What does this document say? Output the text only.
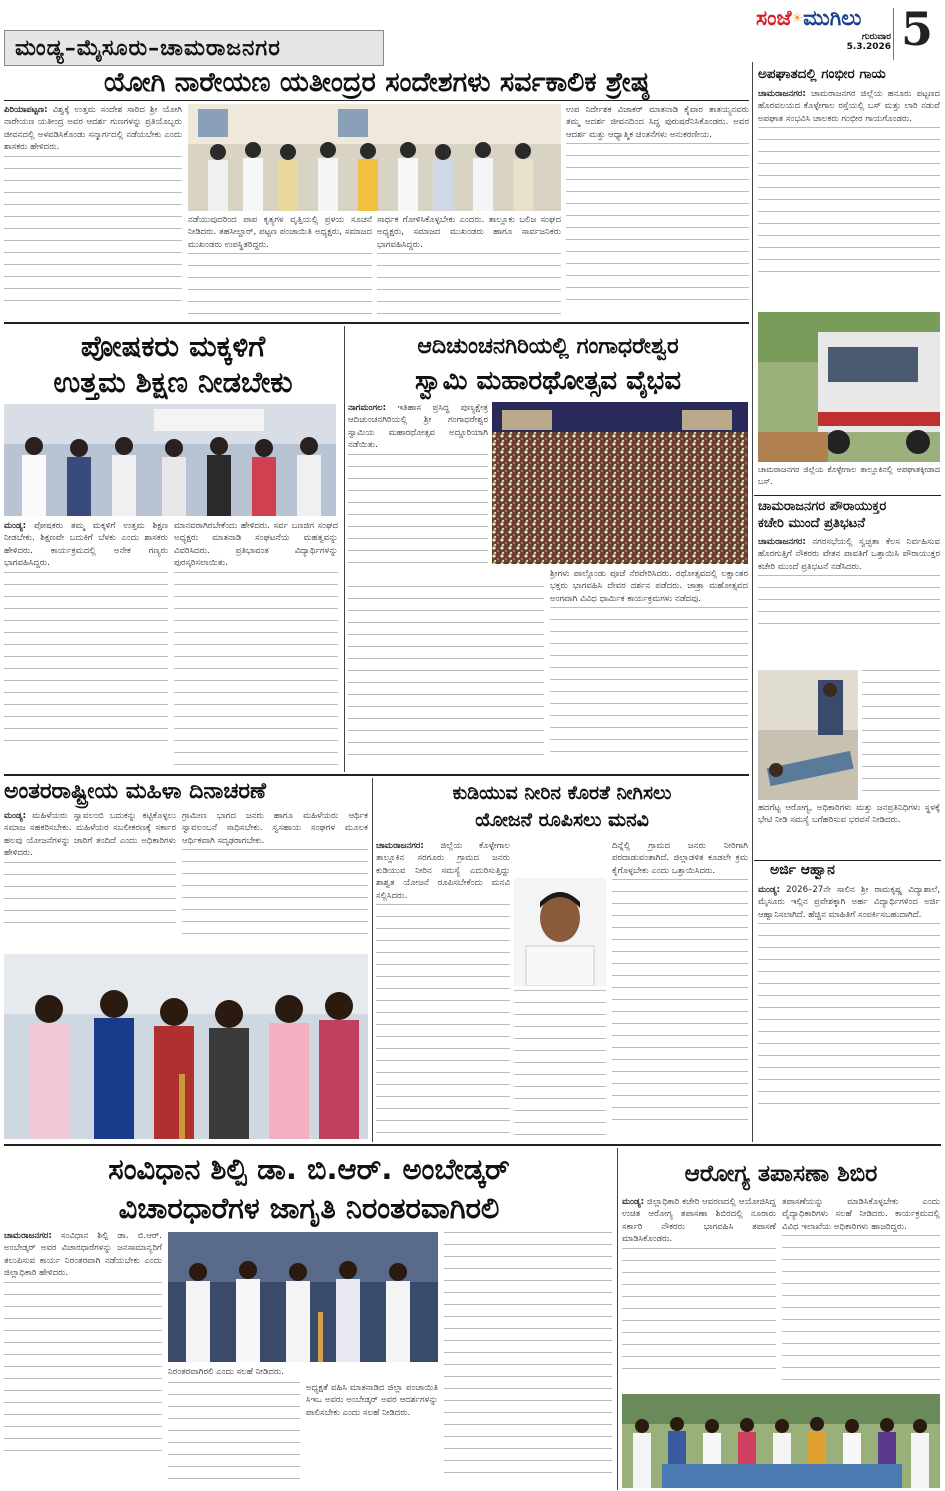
ಮಂಡ್ಯ–ಮೈಸೂರು–ಚಾಮರಾಜನಗರ
ಸಂಜೆ☀ಮುಗಿಲು
ಗುರುವಾರ
5.3.2026 5
ಯೋಗಿ ನಾರೇಯಣ ಯತೀಂದ್ರರ ಸಂದೇಶಗಳು ಸರ್ವಕಾಲಿಕ ಶ್ರೇಷ್ಠ
ಪಿರಿಯಾಪಟ್ಟಣ: ವಿಶ್ವಕ್ಕೆ ಉತ್ತಮ ಸಂದೇಶ ಸಾರಿದ ಶ್ರೀ ಯೋಗಿ ನಾರೇಯಣ ಯತೀಂದ್ರ ಅವರ ಆದರ್ಶ ಗುಣಗಳನ್ನು ಪ್ರತಿಯೊಬ್ಬರು ಜೀವನದಲ್ಲಿ ಅಳವಡಿಸಿಕೊಂಡು ಸನ್ಮಾರ್ಗದಲ್ಲಿ ನಡೆಯಬೇಕು ಎಂದು ಶಾಸಕರು ಹೇಳಿದರು.
ನಡೆಯುವುದರಿಂದ ಪಾಪ ಕೃತ್ಯಗಳ ವೃತ್ತಿಯಲ್ಲಿ ಪ್ರಳಯ ಸೂಚನೆ ನೀಡಿದರು. ತಹಸೀಲ್ದಾರ್, ಪಟ್ಟಣ ಪಂಚಾಯಿತಿ ಅಧ್ಯಕ್ಷರು, ಸಮಾಜದ ಮುಖಂಡರು ಉಪಸ್ಥಿತರಿದ್ದರು.
ಸಾರ್ಥಕ ಗೋಳಿಸಿಕೊಳ್ಳಬೇಕು ಎಂದರು. ತಾಲ್ಲೂಕು ಬಲಿಜ ಸಂಘದ ಅಧ್ಯಕ್ಷರು, ಸಮಾಜದ ಮುಖಂಡರು ಹಾಗೂ ಸಾರ್ವಜನಿಕರು ಭಾಗವಹಿಸಿದ್ದರು.
ಉಪ ನಿರ್ದೇಶಕ ವಿಜಾಕರ್ ಮಾತನಾಡಿ ಕೈವಾರ ತಾತಯ್ಯನವರು ತಮ್ಮ ಆದರ್ಶ ಜೀವನದಿಂದ ಸಿದ್ಧ ಪುರುಷರೆನಿಸಿಕೊಂಡರು. ಅವರ ಆದರ್ಶ ಮತ್ತು ಆಧ್ಯಾತ್ಮಿಕ ಚಿಂತನೆಗಳು ಅನುಕರಣೀಯ.
ಅಪಘಾತದಲ್ಲಿ ಗಂಭೀರ ಗಾಯ
ಚಾಮರಾಜನಗರ: ಚಾಮರಾಜನಗರ ಜಿಲ್ಲೆಯ ಹನೂರು ಪಟ್ಟಣದ ಹೊರವಲಯದ ಕೊಳ್ಳೇಗಾಲ ರಸ್ತೆಯಲ್ಲಿ ಬಸ್ ಮತ್ತು ಲಾರಿ ನಡುವೆ ಅಪಘಾತ ಸಂಭವಿಸಿ ಚಾಲಕರು ಗಂಭೀರ ಗಾಯಗೊಂಡರು.
ಚಾಮರಾಜನಗರ ಜಿಲ್ಲೆಯ ಕೊಳ್ಳೇಗಾಲ ತಾಲ್ಲೂಕಿನಲ್ಲಿ ಅಪಘಾತಕ್ಕೀಡಾದ ಬಸ್.
ಚಾಮರಾಜನಗರ ಪೌರಾಯುಕ್ತರ
ಕಚೇರಿ ಮುಂದೆ ಪ್ರತಿಭಟನೆ
ಚಾಮರಾಜನಗರ: ನಗರಸಭೆಯಲ್ಲಿ ಸ್ವಚ್ಛತಾ ಕೆಲಸ ನಿರ್ವಹಿಸುವ ಹೊರಗುತ್ತಿಗೆ ನೌಕರರು ವೇತನ ಪಾವತಿಗೆ ಒತ್ತಾಯಿಸಿ ಪೌರಾಯುಕ್ತರ ಕಚೇರಿ ಮುಂದೆ ಪ್ರತಿಭಟನೆ ನಡೆಸಿದರು.
ಹದಗೆಟ್ಟ ಆರೋಗ್ಯ, ಅಧಿಕಾರಿಗಳು ಮತ್ತು ಜನಪ್ರತಿನಿಧಿಗಳು ಸ್ಥಳಕ್ಕೆ ಭೇಟಿ ನೀಡಿ ಸಮಸ್ಯೆ ಬಗೆಹರಿಸುವ ಭರವಸೆ ನೀಡಿದರು.
ಅರ್ಜಿ ಆಹ್ವಾನ
ಮಂಡ್ಯ: 2026–27ನೇ ಸಾಲಿನ ಶ್ರೀ ರಾಮಕೃಷ್ಣ ವಿದ್ಯಾಶಾಲೆ, ಮೈಸೂರು ಇಲ್ಲಿನ ಪ್ರವೇಶಕ್ಕಾಗಿ ಅರ್ಹ ವಿದ್ಯಾರ್ಥಿಗಳಿಂದ ಅರ್ಜಿ ಆಹ್ವಾನಿಸಲಾಗಿದೆ. ಹೆಚ್ಚಿನ ಮಾಹಿತಿಗೆ ಸಂಪರ್ಕಿಸಬಹುದಾಗಿದೆ.
ಪೋಷಕರು ಮಕ್ಕಳಿಗೆ
ಉತ್ತಮ ಶಿಕ್ಷಣ ನೀಡಬೇಕು
ಮಂಡ್ಯ: ಪೋಷಕರು ತಮ್ಮ ಮಕ್ಕಳಿಗೆ ಉತ್ತಮ ಶಿಕ್ಷಣ ನೀಡಬೇಕು. ಶಿಕ್ಷಣವೇ ಬದುಕಿಗೆ ಬೆಳಕು ಎಂದು ಶಾಸಕರು ಹೇಳಿದರು. ಕಾರ್ಯಕ್ರಮದಲ್ಲಿ ಅನೇಕ ಗಣ್ಯರು ಭಾಗವಹಿಸಿದ್ದರು.
ಮಾನವರಾಗಿರಬೇಕೆಂದು ಹೇಳಿದರು. ಸರ್ವ ಬಣಜಿಗ ಸಂಘದ ಅಧ್ಯಕ್ಷರು ಮಾತನಾಡಿ ಸಂಘಟನೆಯ ಮಹತ್ವವನ್ನು ವಿವರಿಸಿದರು. ಪ್ರತಿಭಾವಂತ ವಿದ್ಯಾರ್ಥಿಗಳನ್ನು ಪುರಸ್ಕರಿಸಲಾಯಿತು.
ಆದಿಚುಂಚನಗಿರಿಯಲ್ಲಿ ಗಂಗಾಧರೇಶ್ವರ
ಸ್ವಾಮಿ ಮಹಾರಥೋತ್ಸವ ವೈಭವ
ನಾಗಮಂಗಲ: ಇತಿಹಾಸ ಪ್ರಸಿದ್ಧ ಪುಣ್ಯಕ್ಷೇತ್ರ ಆದಿಚುಂಚನಗಿರಿಯಲ್ಲಿ ಶ್ರೀ ಗಂಗಾಧರೇಶ್ವರ ಸ್ವಾಮಿಯ ಮಹಾರಥೋತ್ಸವ ಅದ್ದೂರಿಯಾಗಿ ನಡೆಯಿತು.
ಶ್ರೀಗಳು ಪಾಲ್ಗೊಂಡು ಪೂಜೆ ನೆರವೇರಿಸಿದರು. ರಥೋತ್ಸವದಲ್ಲಿ ಲಕ್ಷಾಂತರ ಭಕ್ತರು ಭಾಗವಹಿಸಿ ದೇವರ ದರ್ಶನ ಪಡೆದರು. ಜಾತ್ರಾ ಮಹೋತ್ಸವದ ಅಂಗವಾಗಿ ವಿವಿಧ ಧಾರ್ಮಿಕ ಕಾರ್ಯಕ್ರಮಗಳು ನಡೆದವು.
ಅಂತರರಾಷ್ಟ್ರೀಯ ಮಹಿಳಾ ದಿನಾಚರಣೆ
ಮಂಡ್ಯ: ಮಹಿಳೆಯರು ಸ್ವಾವಲಂಬಿ ಬದುಕನ್ನು ಕಟ್ಟಿಕೊಳ್ಳಲು ಸಮಾಜ ಸಹಕರಿಸಬೇಕು. ಮಹಿಳೆಯರ ಸಬಲೀಕರಣಕ್ಕೆ ಸರ್ಕಾರ ಹಲವು ಯೋಜನೆಗಳನ್ನು ಜಾರಿಗೆ ತಂದಿದೆ ಎಂದು ಅಧಿಕಾರಿಗಳು ಹೇಳಿದರು.
ಗ್ರಾಮೀಣ ಭಾಗದ ಜನರು ಹಾಗೂ ಮಹಿಳೆಯರು ಆರ್ಥಿಕ ಸ್ವಾವಲಂಬನೆ ಸಾಧಿಸಬೇಕು. ಸ್ವಸಹಾಯ ಸಂಘಗಳ ಮೂಲಕ ಆರ್ಥಿಕವಾಗಿ ಸದೃಢರಾಗಬೇಕು.
ಕುಡಿಯುವ ನೀರಿನ ಕೊರತೆ ನೀಗಿಸಲು
ಯೋಜನೆ ರೂಪಿಸಲು ಮನವಿ
ಚಾಮರಾಜನಗರ: ಜಿಲ್ಲೆಯ ಕೊಳ್ಳೇಗಾಲ ತಾಲ್ಲೂಕಿನ ಸರಗೂರು ಗ್ರಾಮದ ಜನರು ಕುಡಿಯುವ ನೀರಿನ ಸಮಸ್ಯೆ ಎದುರಿಸುತ್ತಿದ್ದು ಶಾಶ್ವತ ಯೋಜನೆ ರೂಪಿಸಬೇಕೆಂದು ಮನವಿ ಸಲ್ಲಿಸಿದರು.
ದಿನ್ನೆಲ್ಲಿ ಗ್ರಾಮದ ಜನರು ನೀರಿಗಾಗಿ ಪರದಾಡುವಂತಾಗಿದೆ. ಜಿಲ್ಲಾಡಳಿತ ಕೂಡಲೇ ಕ್ರಮ ಕೈಗೊಳ್ಳಬೇಕು ಎಂದು ಒತ್ತಾಯಿಸಿದರು.
ಸಂವಿಧಾನ ಶಿಲ್ಪಿ ಡಾ. ಬಿ.ಆರ್. ಅಂಬೇಡ್ಕರ್
ವಿಚಾರಧಾರೆಗಳ ಜಾಗೃತಿ ನಿರಂತರವಾಗಿರಲಿ
ಚಾಮರಾಜನಗರ: ಸಂವಿಧಾನ ಶಿಲ್ಪಿ ಡಾ. ಬಿ.ಆರ್. ಅಂಬೇಡ್ಕರ್ ಅವರ ವಿಚಾರಧಾರೆಗಳನ್ನು ಜನಸಾಮಾನ್ಯರಿಗೆ ತಲುಪಿಸುವ ಕಾರ್ಯ ನಿರಂತರವಾಗಿ ನಡೆಯಬೇಕು ಎಂದು ಜಿಲ್ಲಾಧಿಕಾರಿ ಹೇಳಿದರು.
ನಿರಂತರವಾಗಿರಲಿ ಎಂದು ಸಲಹೆ ನೀಡಿದರು.
ಅಧ್ಯಕ್ಷತೆ ವಹಿಸಿ ಮಾತನಾಡಿದ ಜಿಲ್ಲಾ ಪಂಚಾಯಿತಿ ಸಿಇಒ ಅವರು ಅಂಬೇಡ್ಕರ್ ಅವರ ಆದರ್ಶಗಳನ್ನು ಪಾಲಿಸಬೇಕು ಎಂದು ಸಲಹೆ ನೀಡಿದರು.
ಆರೋಗ್ಯ ತಪಾಸಣಾ ಶಿಬಿರ
ಮಂಡ್ಯ: ಜಿಲ್ಲಾಧಿಕಾರಿ ಕಚೇರಿ ಆವರಣದಲ್ಲಿ ಆಯೋಜಿಸಿದ್ದ ಉಚಿತ ಆರೋಗ್ಯ ತಪಾಸಣಾ ಶಿಬಿರದಲ್ಲಿ ನೂರಾರು ಸರ್ಕಾರಿ ನೌಕರರು ಭಾಗವಹಿಸಿ ತಪಾಸಣೆ ಮಾಡಿಸಿಕೊಂಡರು.
ತಪಾಸಣೆಯನ್ನು ಮಾಡಿಸಿಕೊಳ್ಳಬೇಕು ಎಂದು ವೈದ್ಯಾಧಿಕಾರಿಗಳು ಸಲಹೆ ನೀಡಿದರು. ಕಾರ್ಯಕ್ರಮದಲ್ಲಿ ವಿವಿಧ ಇಲಾಖೆಯ ಅಧಿಕಾರಿಗಳು ಹಾಜರಿದ್ದರು.
